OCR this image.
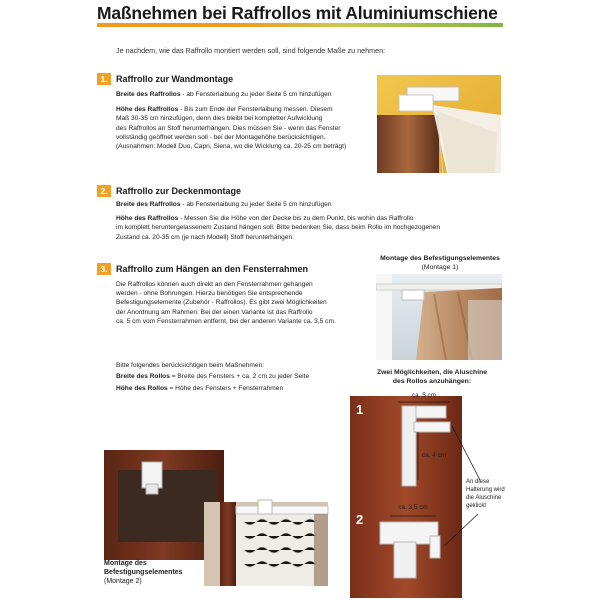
Maßnehmen bei Raffrollos mit Aluminiumschiene
Je nachdem, wie das Raffrollo montiert werden soll, sind folgende Maße zu nehmen:
1. Raffrollo zur Wandmontage
Breite des Raffrollos - ab Fensterlaibung zu jeder Seite 5 cm hinzufügen
Höhe des Raffrollos - Bis zum Ende der Fensterlaibung messen. Diesem
Maß 30-35 cm hinzufügen, denn dies bleibt bei kompletter Aufwicklung
des Raffrollos an Stoff herunterhängen. Dies müssen Sie - wenn das Fenster
vollständig geöffnet werden soll - bei der Montagehöhe berücksichtigen.
(Ausnahmen: Modell Duo, Capri, Siena, wo die Wicklung ca. 20-25 cm beträgt)
2. Raffrollo zur Deckenmontage
Breite des Raffrollos - ab Fensterlaibung zu jeder Seite 5 cm hinzufügen
Höhe des Raffrollos - Messen Sie die Höhe von der Decke bis zu dem Punkt, bis wohin das Raffrollo
im komplett heruntergelassenem Zustand hängen soll. Bitte bedenken Sie, dass beim Rollo im hochgezogenen
Zustand ca. 20-35 cm (je nach Modell) Stoff herunterhängen.
Montage des Befestigungselementes
(Montage 1)
3. Raffrollo zum Hängen an den Fensterrahmen
Die Raffrollos können auch direkt an den Fensterrahmen gehangen
werden - ohne Bohrungen. Hierzu benötigen Sie entsprechende
Befestigungselemente (Zubehör - Raffrollos). Es gibt zwei Möglichkeiten
der Anordnung am Rahmen: Bei der einen Variante ist das Raffrollo
ca. 5 cm vom Fensterrahmen entfernt, bei der anderen Variante ca. 3,5 cm.
Bitte folgendes berücksichtigen beim Maßnehmen:
Breite des Rollos = Breite des Fensters + ca. 2 cm zu jeder Seite
Höhe des Rollos = Höhe des Fensters + Fensterrahmen
Zwei Möglichkeiten, die Aluschine
des Rollos anzuhängen:
1
2
ca. 5 cm
ca. 4 cm
ca. 3,5 cm
An diese
Halterung wird
die Aluschine
geklickt
Montage des
Befestigungselementes
(Montage 2)
